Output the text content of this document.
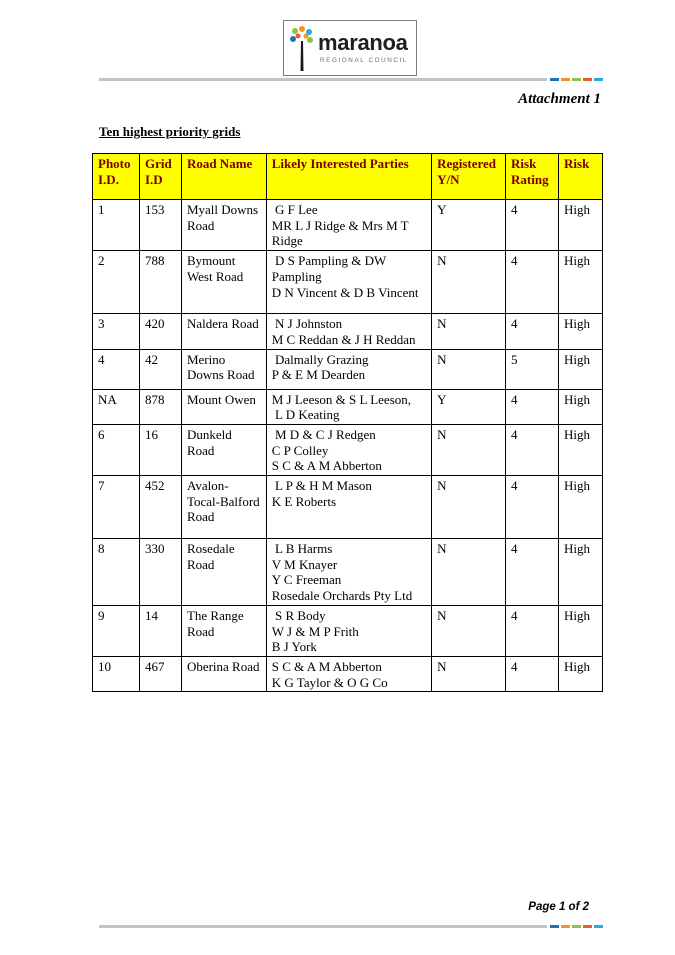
maranoa
REGIONAL COUNCIL
Attachment 1
Ten highest priority grids
Photo I.D.	Grid I.D	Road Name	Likely Interested Parties	Registered Y/N	Risk Rating	Risk
1	153	Myall Downs Road	G F Lee
MR L J Ridge & Mrs M T Ridge	Y	4	High
2	788	Bymount West Road	D S Pampling & DW Pampling
D N Vincent & D B Vincent	N	4	High
3	420	Naldera Road	N J Johnston
M C Reddan & J H Reddan	N	4	High
4	42	Merino Downs Road	Dalmally Grazing
P & E M Dearden	N	5	High
NA	878	Mount Owen	M J Leeson & S L Leeson,
L D Keating	Y	4	High
6	16	Dunkeld Road	M D & C J Redgen
C P Colley
S C & A M Abberton	N	4	High
7	452	Avalon-Tocal-Balford Road	L P & H M Mason
K E Roberts	N	4	High
8	330	Rosedale Road	L B Harms
V M Knayer
Y C Freeman
Rosedale Orchards Pty Ltd	N	4	High
9	14	The Range Road	S R Body
W J & M P Frith
B J York	N	4	High
10	467	Oberina Road	S C & A M Abberton
K G Taylor & O G Co	N	4	High
Page 1 of 2
